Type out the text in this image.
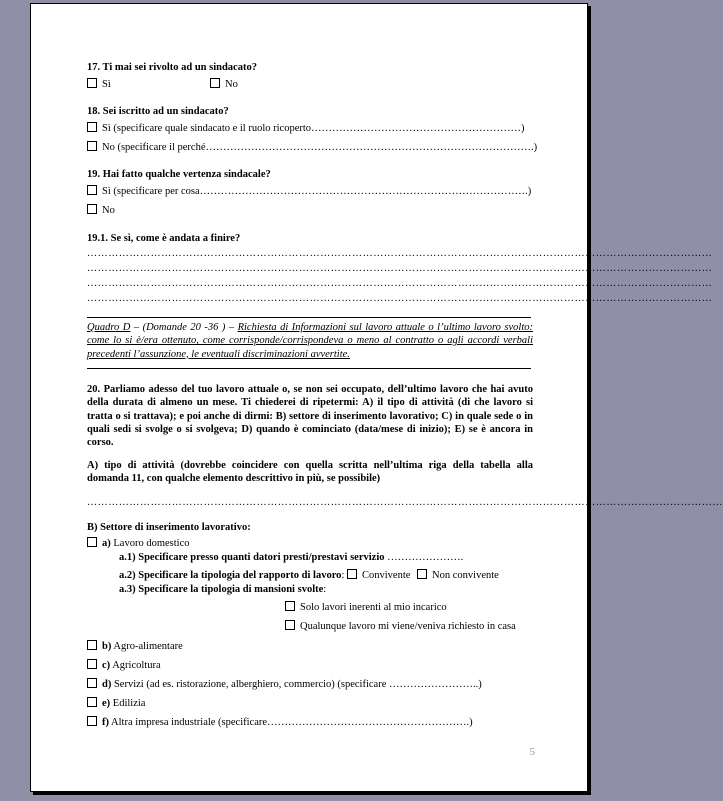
17. Ti mai sei rivolto ad un sindacato?
Sì	No
18. Sei iscritto ad un sindacato?
Sì (specificare quale sindacato e il ruolo ricoperto……………………………………………………)
No (specificare il perché………………………………………………………………………………….)
19. Hai fatto qualche vertenza sindacale?
Sì (specificare per cosa………………………………………………………………………………….)
No
19.1. Se sì, come è andata a finire?
……………………………………………………………………………………………………………………………………………………………
……………………………………………………………………………………………………………………………………………………………
……………………………………………………………………………………………………………………………………………………………
……………………………………………………………………………………………………………………………………………………………
Quadro D – (Domande 20 -36 ) – Richiesta di Informazioni sul lavoro attuale o l’ultimo lavoro svolto: come lo si è/era ottenuto, come corrisponde/corrispondeva o meno al contratto o agli accordi verbali precedenti l’assunzione, le eventuali discriminazioni avvertite.
20. Parliamo adesso del tuo lavoro attuale o, se non sei occupato, dell’ultimo lavoro che hai avuto della durata di almeno un mese. Ti chiederei di ripetermi: A) il tipo di attività (di che lavoro si tratta o si trattava); e poi anche di dirmi: B) settore di inserimento lavorativo; C) in quale sede o in quali sedi si svolge o si svolgeva; D) quando è cominciato (data/mese di inizio); E) se è ancora in corso.
A) tipo di attività (dovrebbe coincidere con quella scritta nell’ultima riga della tabella alla domanda 11, con qualche elemento descrittivo in più, se possibile)
………………………………………………………………………………………………………………………………………………………………
B) Settore di inserimento lavorativo:
a) Lavoro domestico
a.1) Specificare presso quanti datori presti/prestavi servizio ………………….
a.2) Specificare la tipologia del rapporto di lavoro: Convivente Non convivente
a.3) Specificare la tipologia di mansioni svolte:
Solo lavori inerenti al mio incarico
Qualunque lavoro mi viene/veniva richiesto in casa
b) Agro-alimentare
c) Agricoltura
d) Servizi (ad es. ristorazione, alberghiero, commercio) (specificare ……………………..)
e) Edilizia
f) Altra impresa industriale (specificare………………………………………………….)
5
